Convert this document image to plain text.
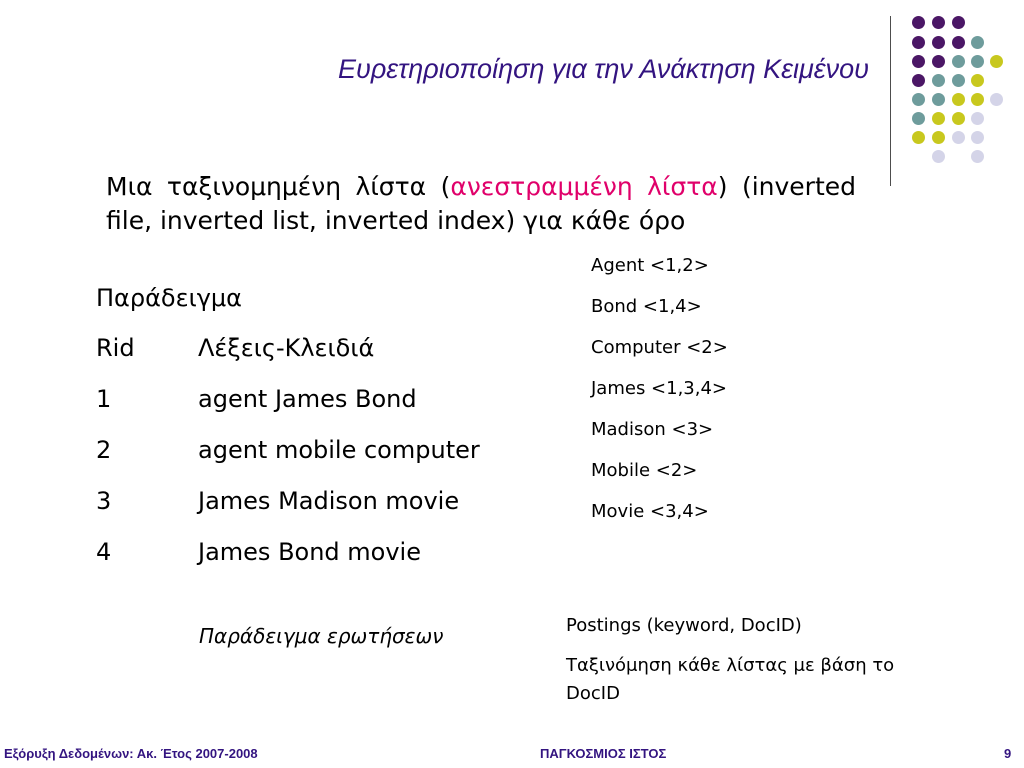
Ευρετηριοποίηση για την Ανάκτηση Κειμένου
Μια ταξινομημένη λίστα (ανεστραμμένη λίστα) (inverted file, inverted list, inverted index) για κάθε όρο
Παράδειγμα
Rid	Λέξεις-Κλειδιά
1	agent James Bond
2	agent mobile computer
3	James Madison movie
4	James Bond movie
Παράδειγμα ερωτήσεων
Agent <1,2>
Bond <1,4>
Computer <2>
James <1,3,4>
Madison <3>
Mobile <2>
Movie <3,4>
Postings (keyword, DocID)
Ταξινόμηση κάθε λίστας με βάση το DocID
Εξόρυξη Δεδομένων: Ακ. Έτος 2007-2008	ΠΑΓΚΟΣΜΙΟΣ ΙΣΤΟΣ	9
